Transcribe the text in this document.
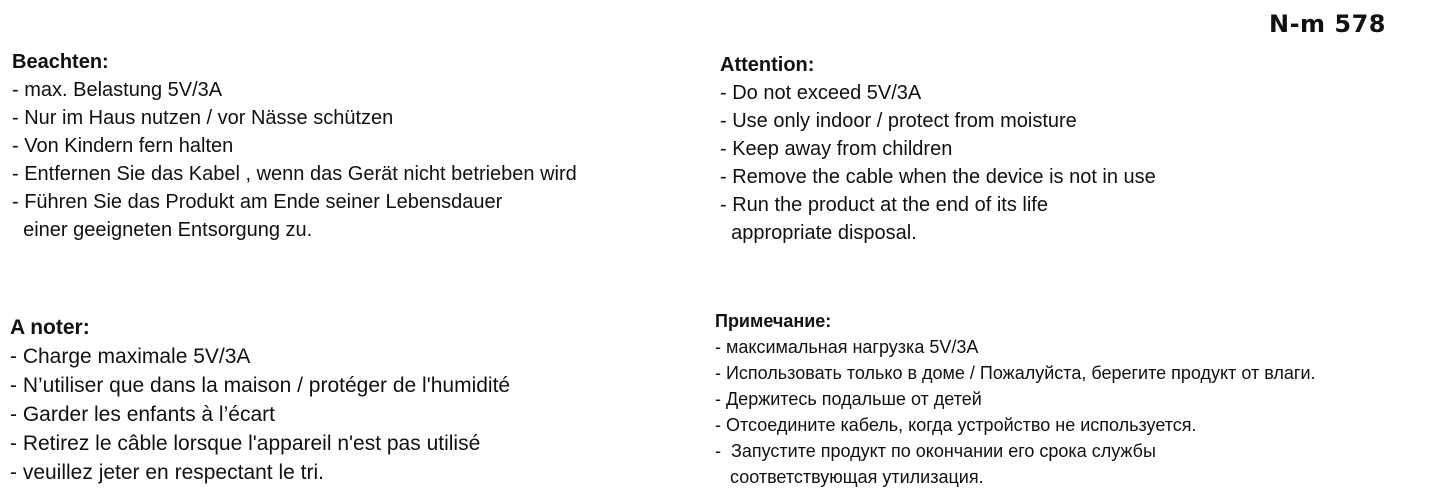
N-m 578
Beachten:
- max. Belastung 5V/3A
- Nur im Haus nutzen / vor Nässe schützen
- Von Kindern fern halten
- Entfernen Sie das Kabel , wenn das Gerät nicht betrieben wird
- Führen Sie das Produkt am Ende seiner Lebensdauer
einer geeigneten Entsorgung zu.
Attention:
- Do not exceed 5V/3A
- Use only indoor / protect from moisture
- Keep away from children
- Remove the cable when the device is not in use
- Run the product at the end of its life
appropriate disposal.
A noter:
- Charge maximale 5V/3A
- N’utiliser que dans la maison / protéger de l'humidité
- Garder les enfants à l’écart
- Retirez le câble lorsque l'appareil n'est pas utilisé
- veuillez jeter en respectant le tri.
Примечание:
- максимальная нагрузка 5V/3A
- Использовать только в доме / Пожалуйста, берегите продукт от влаги.
- Держитесь подальше от детей
- Отсоедините кабель, когда устройство не используется.
-  Запустите продукт по окончании его срока службы
соответствующая утилизация.
